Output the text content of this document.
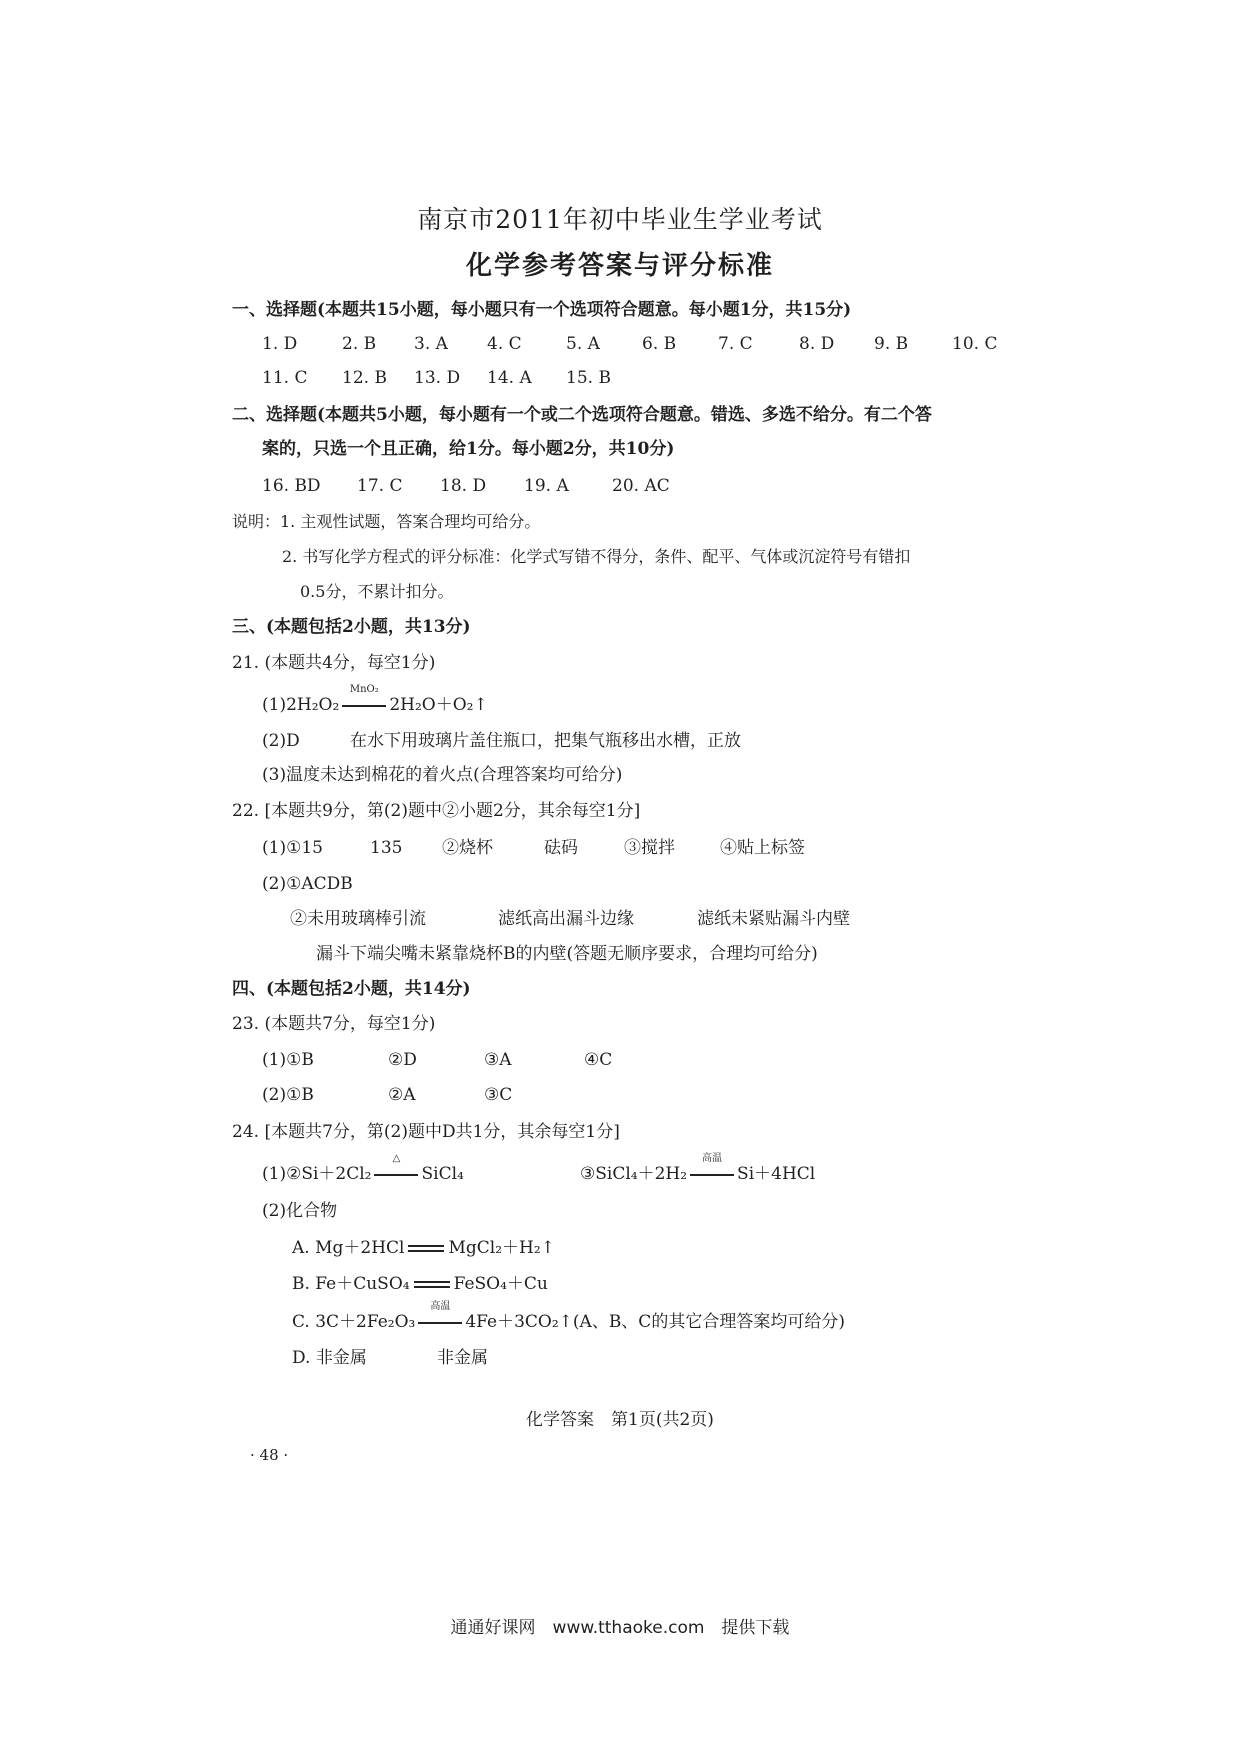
南京市2011年初中毕业生学业考试
化学参考答案与评分标准
一、选择题(本题共15小题，每小题只有一个选项符合题意。每小题1分，共15分)
1. D	2. B 3. A 4. C	5. A 6. B 7. C	8. D 9. B	10. C
11. C 12. B 13. D 14. A 15. B
二、选择题(本题共5小题，每小题有一个或二个选项符合题意。错选、多选不给分。有二个答
案的，只选一个且正确，给1分。每小题2分，共10分)
16. BD 17. C 18. D 19. A	20. AC
说明：1. 主观性试题，答案合理均可给分。
2. 书写化学方程式的评分标准：化学式写错不得分，条件、配平、气体或沉淀符号有错扣
0.5分，不累计扣分。
三、(本题包括2小题，共13分)
21. (本题共4分，每空1分)
(1)2H₂O₂
MnO₂
2H₂O＋O₂↑
(2)D	在水下用玻璃片盖住瓶口，把集气瓶移出水槽，正放
(3)温度未达到棉花的着火点(合理答案均可给分)
22. [本题共9分，第(2)题中②小题2分，其余每空1分]
(1)①15	135 ②烧杯	砝码	③搅拌	④贴上标签
(2)①ACDB
②未用玻璃棒引流	滤纸高出漏斗边缘	滤纸未紧贴漏斗内壁
漏斗下端尖嘴未紧靠烧杯B的内壁(答题无顺序要求，合理均可给分)
四、(本题包括2小题，共14分)
23. (本题共7分，每空1分)
(1)①B	②D	③A	④C
(2)①B	②A	③C
24. [本题共7分，第(2)题中D共1分，其余每空1分]
(1)②Si＋2Cl₂
△
SiCl₄	③SiCl₄＋2H₂
高温
Si＋4HCl
(2)化合物
A. Mg＋2HCl	MgCl₂＋H₂↑
B. Fe＋CuSO₄	FeSO₄＋Cu
C. 3C＋2Fe₂O₃
高温
4Fe＋3CO₂↑(A、B、C的其它合理答案均可给分)
D. 非金属	非金属
化学答案　第1页(共2页)
· 48 ·
通通好课网　www.tthaoke.com　提供下载
